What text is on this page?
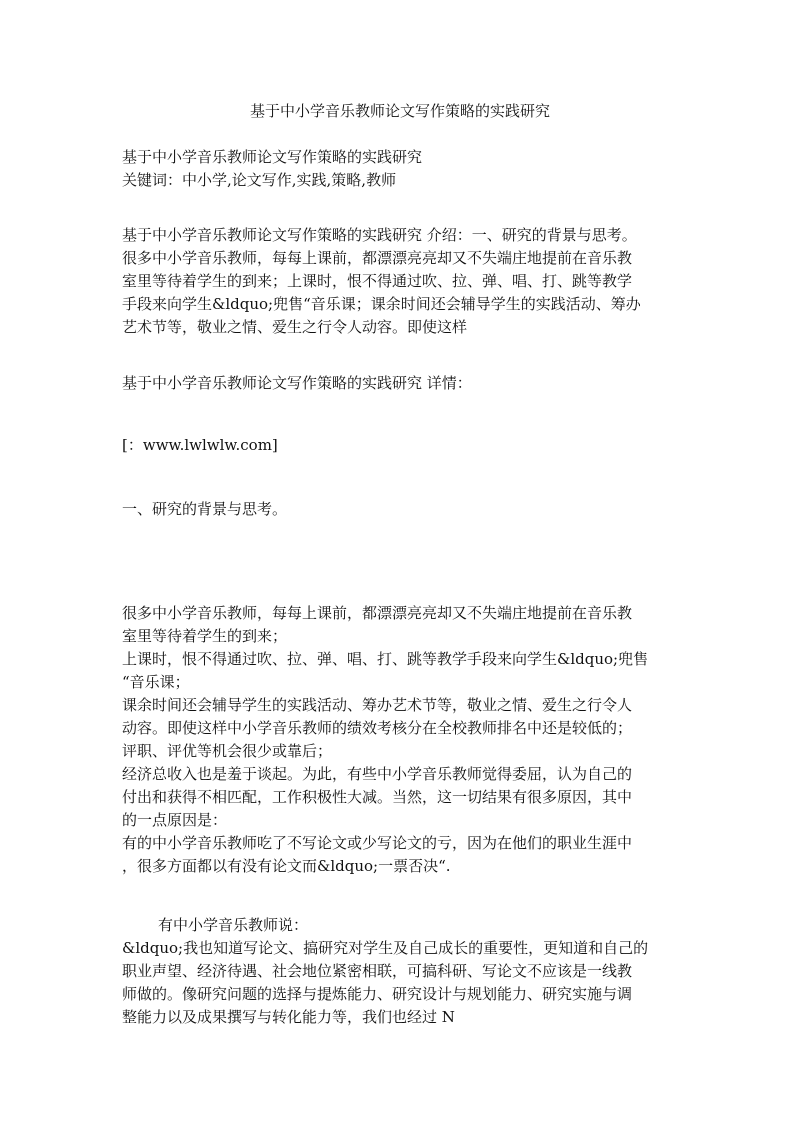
基于中小学音乐教师论文写作策略的实践研究
基于中小学音乐教师论文写作策略的实践研究
关键词：中小学,论文写作,实践,策略,教师
基于中小学音乐教师论文写作策略的实践研究 介绍：一、研究的背景与思考。
很多中小学音乐教师，每每上课前，都漂漂亮亮却又不失端庄地提前在音乐教
室里等待着学生的到来；上课时，恨不得通过吹、拉、弹、唱、打、跳等教学
手段来向学生&ldquo;兜售“音乐课；课余时间还会辅导学生的实践活动、筹办
艺术节等，敬业之情、爱生之行令人动容。即使这样
基于中小学音乐教师论文写作策略的实践研究 详情：
[：www.lwlwlw.com]
一、研究的背景与思考。
很多中小学音乐教师，每每上课前，都漂漂亮亮却又不失端庄地提前在音乐教
室里等待着学生的到来；
上课时，恨不得通过吹、拉、弹、唱、打、跳等教学手段来向学生&ldquo;兜售
“音乐课；
课余时间还会辅导学生的实践活动、筹办艺术节等，敬业之情、爱生之行令人
动容。即使这样中小学音乐教师的绩效考核分在全校教师排名中还是较低的；
评职、评优等机会很少或靠后；
经济总收入也是羞于谈起。为此，有些中小学音乐教师觉得委屈，认为自己的
付出和获得不相匹配，工作积极性大减。当然，这一切结果有很多原因，其中
的一点原因是：
有的中小学音乐教师吃了不写论文或少写论文的亏，因为在他们的职业生涯中
，很多方面都以有没有论文而&ldquo;一票否决“.
有中小学音乐教师说：
&ldquo;我也知道写论文、搞研究对学生及自己成长的重要性，更知道和自己的
职业声望、经济待遇、社会地位紧密相联，可搞科研、写论文不应该是一线教
师做的。像研究问题的选择与提炼能力、研究设计与规划能力、研究实施与调
整能力以及成果撰写与转化能力等，我们也经过 N
